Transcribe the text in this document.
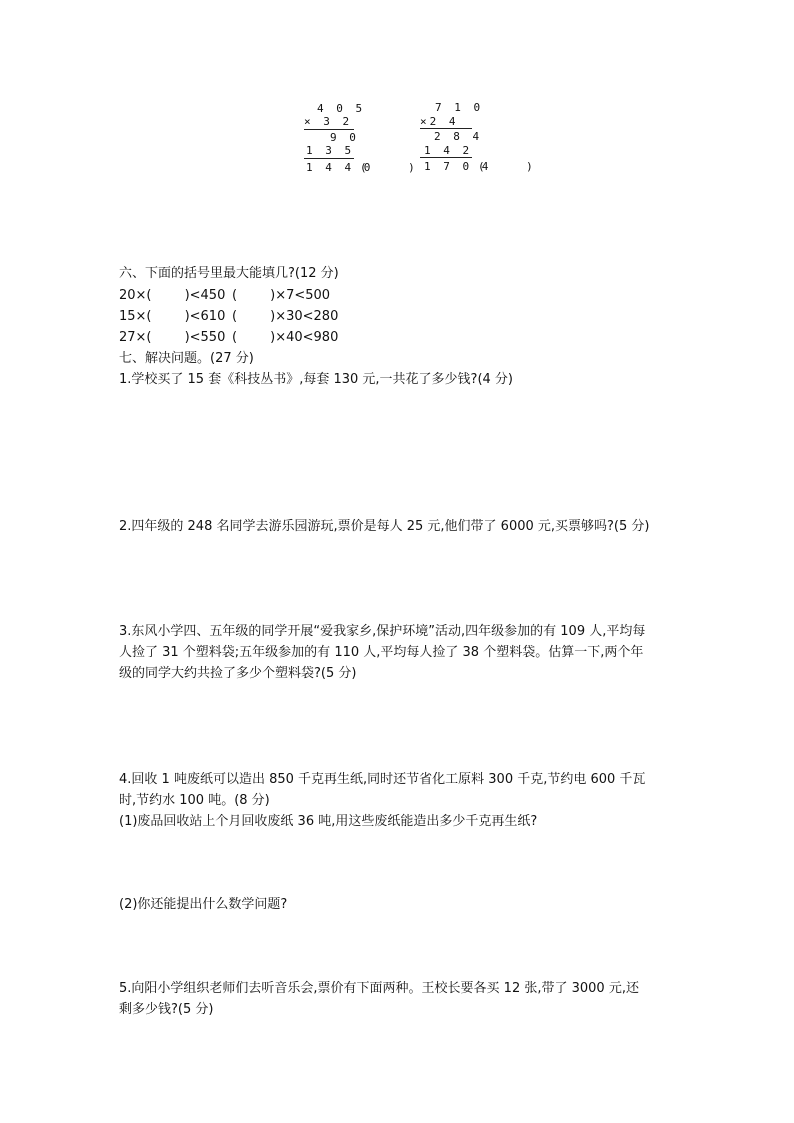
4 0 5
× 3 2
9 0
1 3 5
1 4 4 0
(    )
7 1 0
×2 4
2 8 4
1 4 2
1 7 0 4
(    )
六、下面的括号里最大能填几?(12 分)
20×(        )<450 (        )×7<500
15×(        )<610 (        )×30<280
27×(        )<550 (        )×40<980
七、解决问题。(27 分)
1.学校买了 15 套《科技丛书》,每套 130 元,一共花了多少钱?(4 分)
2.四年级的 248 名同学去游乐园游玩,票价是每人 25 元,他们带了 6000 元,买票够吗?(5 分)
3.东风小学四、五年级的同学开展“爱我家乡,保护环境”活动,四年级参加的有 109 人,平均每
人捡了 31 个塑料袋;五年级参加的有 110 人,平均每人捡了 38 个塑料袋。估算一下,两个年
级的同学大约共捡了多少个塑料袋?(5 分)
4.回收 1 吨废纸可以造出 850 千克再生纸,同时还节省化工原料 300 千克,节约电 600 千瓦
时,节约水 100 吨。(8 分)
(1)废品回收站上个月回收废纸 36 吨,用这些废纸能造出多少千克再生纸?
(2)你还能提出什么数学问题?
5.向阳小学组织老师们去听音乐会,票价有下面两种。王校长要各买 12 张,带了 3000 元,还
剩多少钱?(5 分)
